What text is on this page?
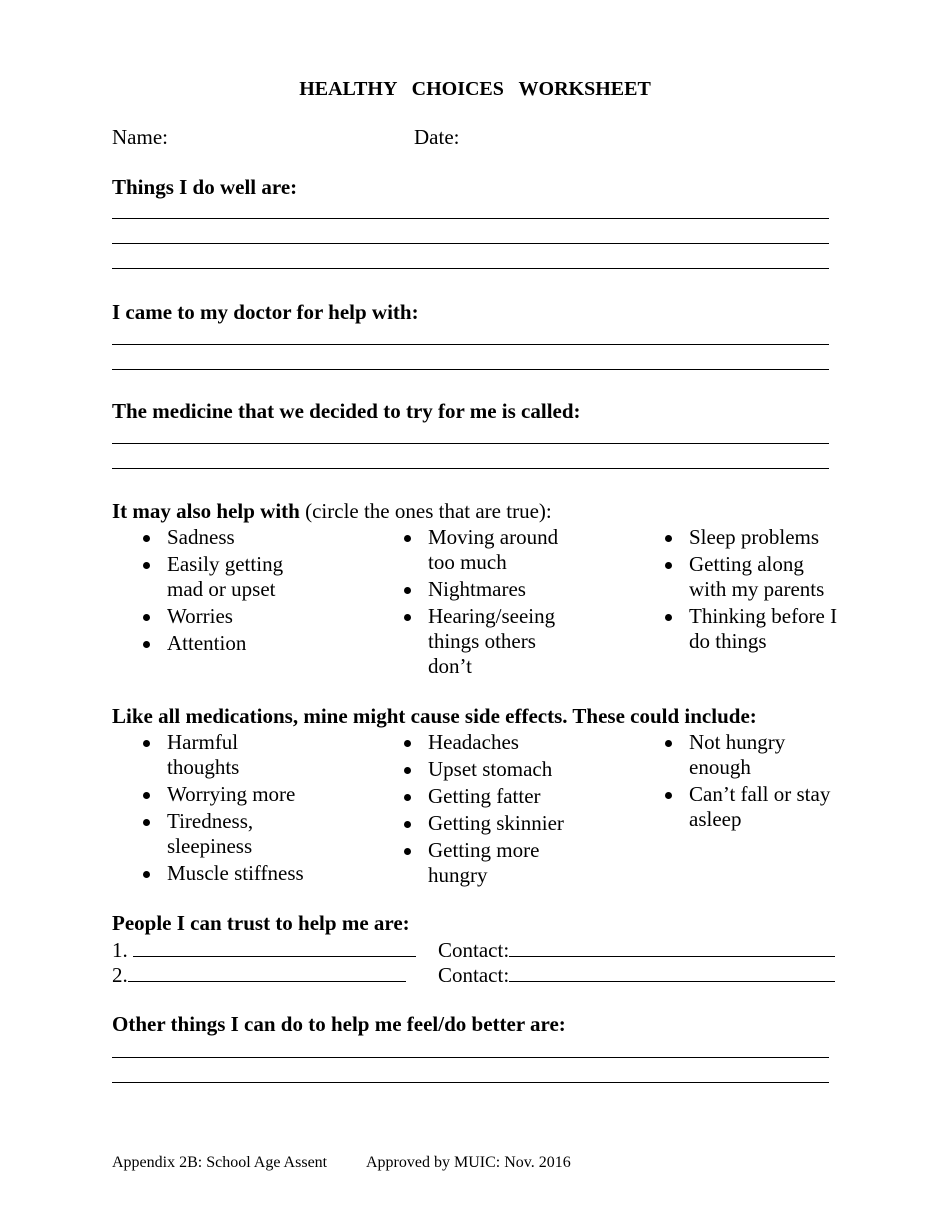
HEALTHY CHOICES WORKSHEET
Name:	Date:
Things I do well are:
I came to my doctor for help with:
The medicine that we decided to try for me is called:
It may also help with (circle the ones that are true):
Sadness
Easily getting mad or upset
Worries
Attention
Moving around too much
Nightmares
Hearing/seeing things others don’t
Sleep problems
Getting along with my parents
Thinking before I do things
Like all medications, mine might cause side effects. These could include:
Harmful thoughts
Worrying more
Tiredness, sleepiness
Muscle stiffness
Headaches
Upset stomach
Getting fatter
Getting skinnier
Getting more hungry
Not hungry enough
Can’t fall or stay asleep
People I can trust to help me are:
1.	Contact:
2.	Contact:
Other things I can do to help me feel/do better are:
Appendix 2B: School Age Assent Approved by MUIC: Nov. 2016
